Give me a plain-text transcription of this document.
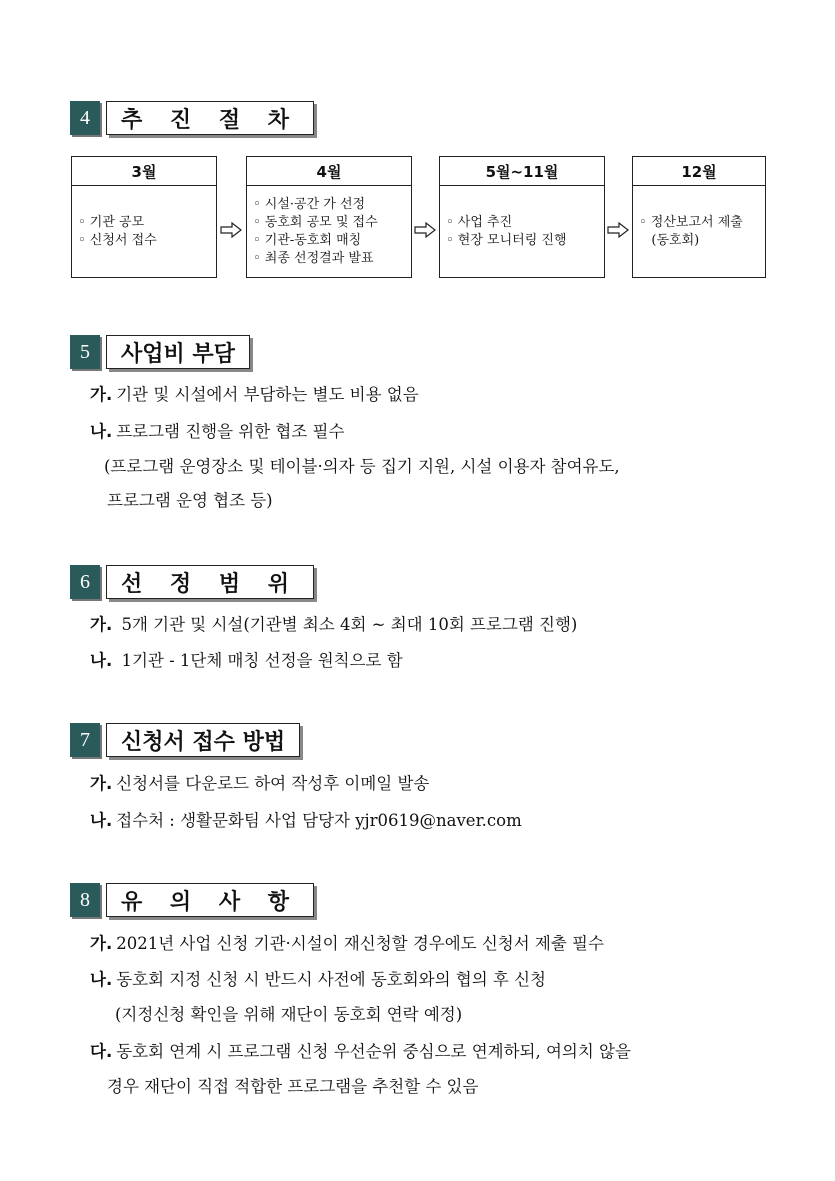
4	추 진 절 차
3월
◦ 기관 공모
◦ 신청서 접수
4월
◦ 시설·공간 가 선정
◦ 동호회 공모 및 접수
◦ 기관-동호회 매칭
◦ 최종 선정결과 발표
5월~11월
◦ 사업 추진
◦ 현장 모니터링 진행
12월
◦ 정산보고서 제출
(동호회)
5	사업비 부담
가. 기관 및 시설에서 부담하는 별도 비용 없음
나. 프로그램 진행을 위한 협조 필수
(프로그램 운영장소 및 테이블·의자 등 집기 지원, 시설 이용자 참여유도,
프로그램 운영 협조 등)
6	선 정 범 위
가. 5개 기관 및 시설(기관별 최소 4회 ~ 최대 10회 프로그램 진행)
나. 1기관 - 1단체 매칭 선정을 원칙으로 함
7	신청서 접수 방법
가. 신청서를 다운로드 하여 작성후 이메일 발송
나. 접수처 : 생활문화팀 사업 담당자 yjr0619@naver.com
8	유 의 사 항
가. 2021년 사업 신청 기관·시설이 재신청할 경우에도 신청서 제출 필수
나. 동호회 지정 신청 시 반드시 사전에 동호회와의 협의 후 신청
(지정신청 확인을 위해 재단이 동호회 연락 예정)
다. 동호회 연계 시 프로그램 신청 우선순위 중심으로 연계하되, 여의치 않을
경우 재단이 직접 적합한 프로그램을 추천할 수 있음
